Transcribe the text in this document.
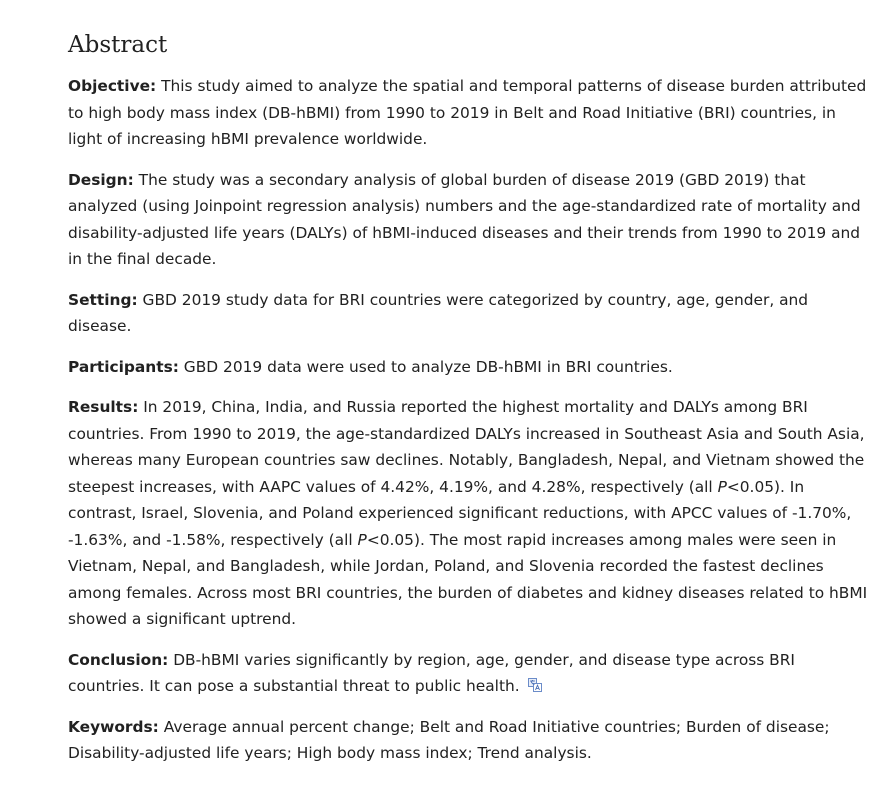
Abstract

Objective: This study aimed to analyze the spatial and temporal patterns of disease burden attributed to high body mass index (DB-hBMI) from 1990 to 2019 in Belt and Road Initiative (BRI) countries, in light of increasing hBMI prevalence worldwide.

Design: The study was a secondary analysis of global burden of disease 2019 (GBD 2019) that analyzed (using Joinpoint regression analysis) numbers and the age-standardized rate of mortality and disability-adjusted life years (DALYs) of hBMI-induced diseases and their trends from 1990 to 2019 and in the final decade.

Setting: GBD 2019 study data for BRI countries were categorized by country, age, gender, and disease.

Participants: GBD 2019 data were used to analyze DB-hBMI in BRI countries.

Results: In 2019, China, India, and Russia reported the highest mortality and DALYs among BRI countries. From 1990 to 2019, the age-standardized DALYs increased in Southeast Asia and South Asia, whereas many European countries saw declines. Notably, Bangladesh, Nepal, and Vietnam showed the steepest increases, with AAPC values of 4.42%, 4.19%, and 4.28%, respectively (all P<0.05). In contrast, Israel, Slovenia, and Poland experienced significant reductions, with APCC values of -1.70%, -1.63%, and -1.58%, respectively (all P<0.05). The most rapid increases among males were seen in Vietnam, Nepal, and Bangladesh, while Jordan, Poland, and Slovenia recorded the fastest declines among females. Across most BRI countries, the burden of diabetes and kidney diseases related to hBMI showed a significant uptrend.

Conclusion: DB-hBMI varies significantly by region, age, gender, and disease type across BRI countries. It can pose a substantial threat to public health.

Keywords: Average annual percent change; Belt and Road Initiative countries; Burden of disease; Disability-adjusted life years; High body mass index; Trend analysis.
